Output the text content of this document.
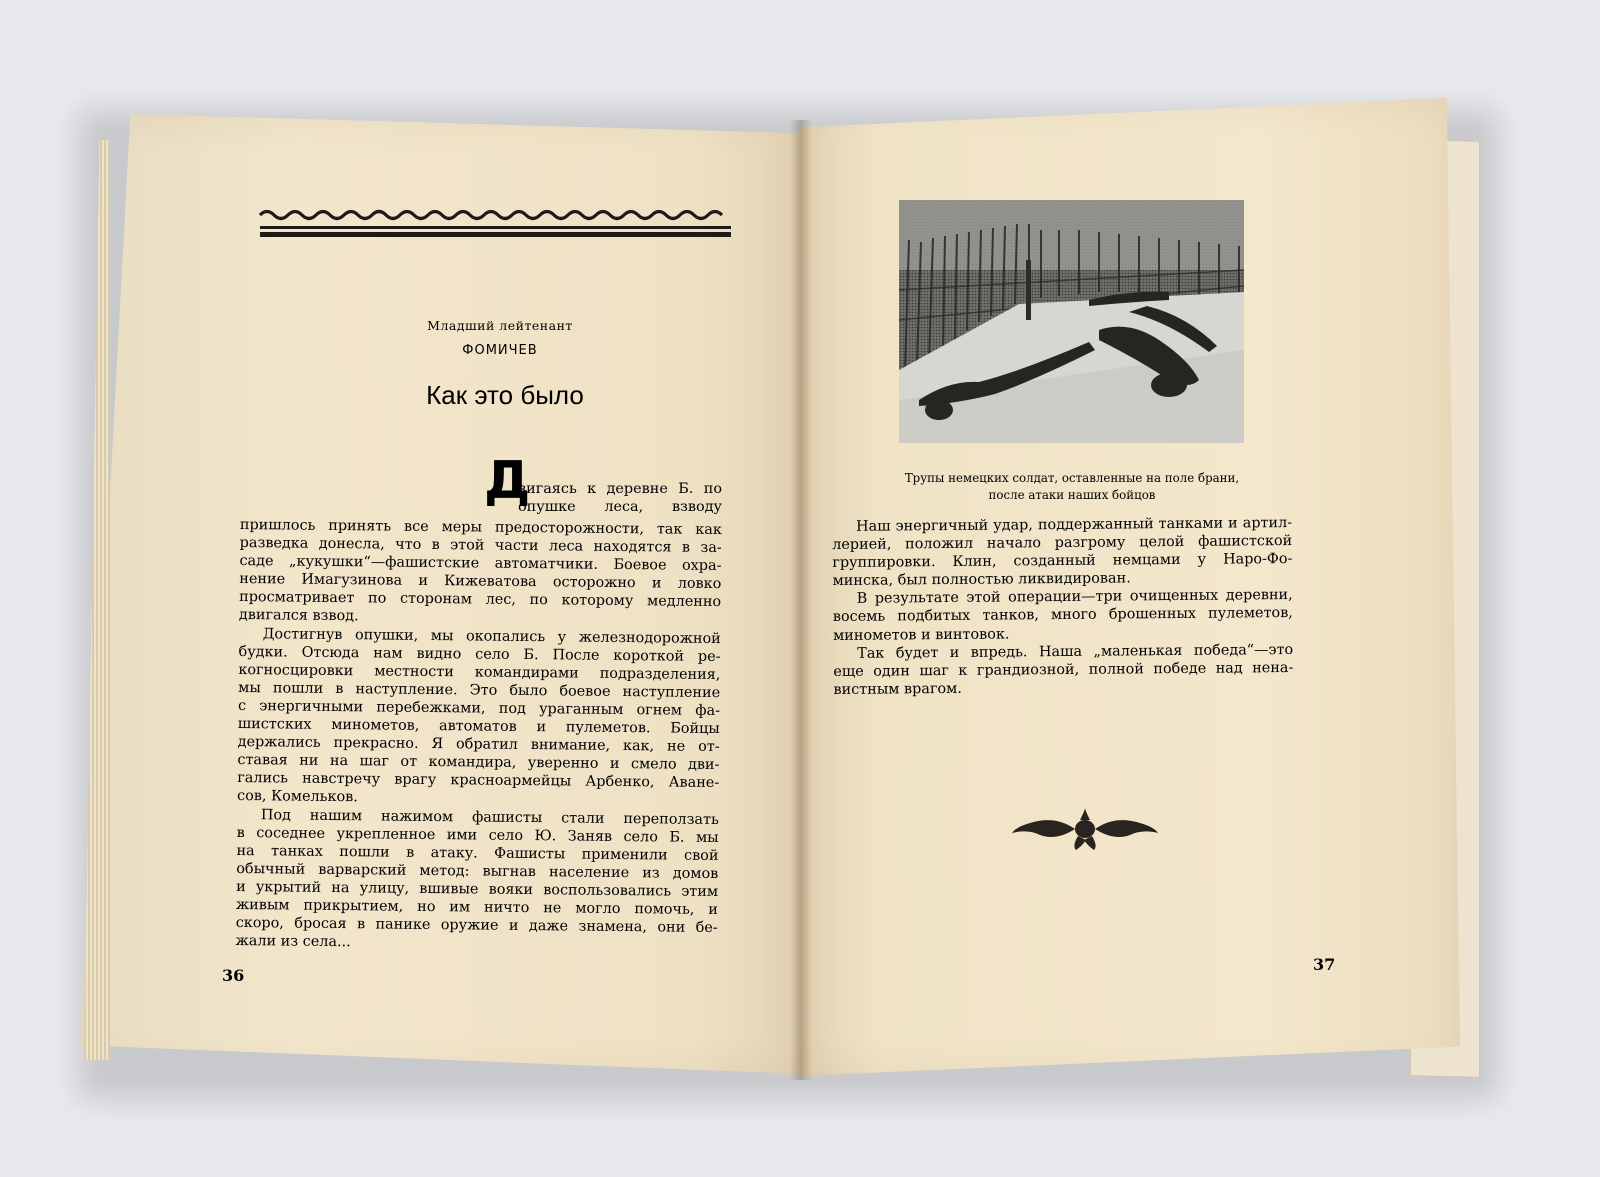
Младший лейтенант
ФОМИЧЕВ
Как это было
Д
вигаясь к деревне Б. по
опушке леса, взводу
пришлось принять все меры предосторожности, так как
разведка донесла, что в этой части леса находятся в за-
саде „кукушки“—фашистские автоматчики. Боевое охра-
нение Имагузинова и Кижеватова осторожно и ловко
просматривает по сторонам лес, по которому медленно
двигался взвод.
Достигнув опушки, мы окопались у железнодорожной
будки. Отсюда нам видно село Б. После короткой ре-
когносцировки местности командирами подразделения,
мы пошли в наступление. Это было боевое наступление
с энергичными перебежками, под ураганным огнем фа-
шистских минометов, автоматов и пулеметов. Бойцы
держались прекрасно. Я обратил внимание, как, не от-
ставая ни на шаг от командира, уверенно и смело дви-
гались навстречу врагу красноармейцы Арбенко, Аване-
сов, Комельков.
Под нашим нажимом фашисты стали переползать
в соседнее укрепленное ими село Ю. Заняв село Б. мы
на танках пошли в атаку. Фашисты применили свой
обычный варварский метод: выгнав население из домов
и укрытий на улицу, вшивые вояки воспользовались этим
живым прикрытием, но им ничто не могло помочь, и
скоро, бросая в панике оружие и даже знамена, они бе-
жали из села...
36
Трупы немецких солдат, оставленные на поле брани,
после атаки наших бойцов
Наш энергичный удар, поддержанный танками и артил-
лерией, положил начало разгрому целой фашистской
группировки. Клин, созданный немцами у Наро-Фо-
минска, был полностью ликвидирован.
В результате этой операции—три очищенных деревни,
восемь подбитых танков, много брошенных пулеметов,
минометов и винтовок.
Так будет и впредь. Наша „маленькая победа“—это
еще один шаг к грандиозной, полной победе над нена-
вистным врагом.
37
